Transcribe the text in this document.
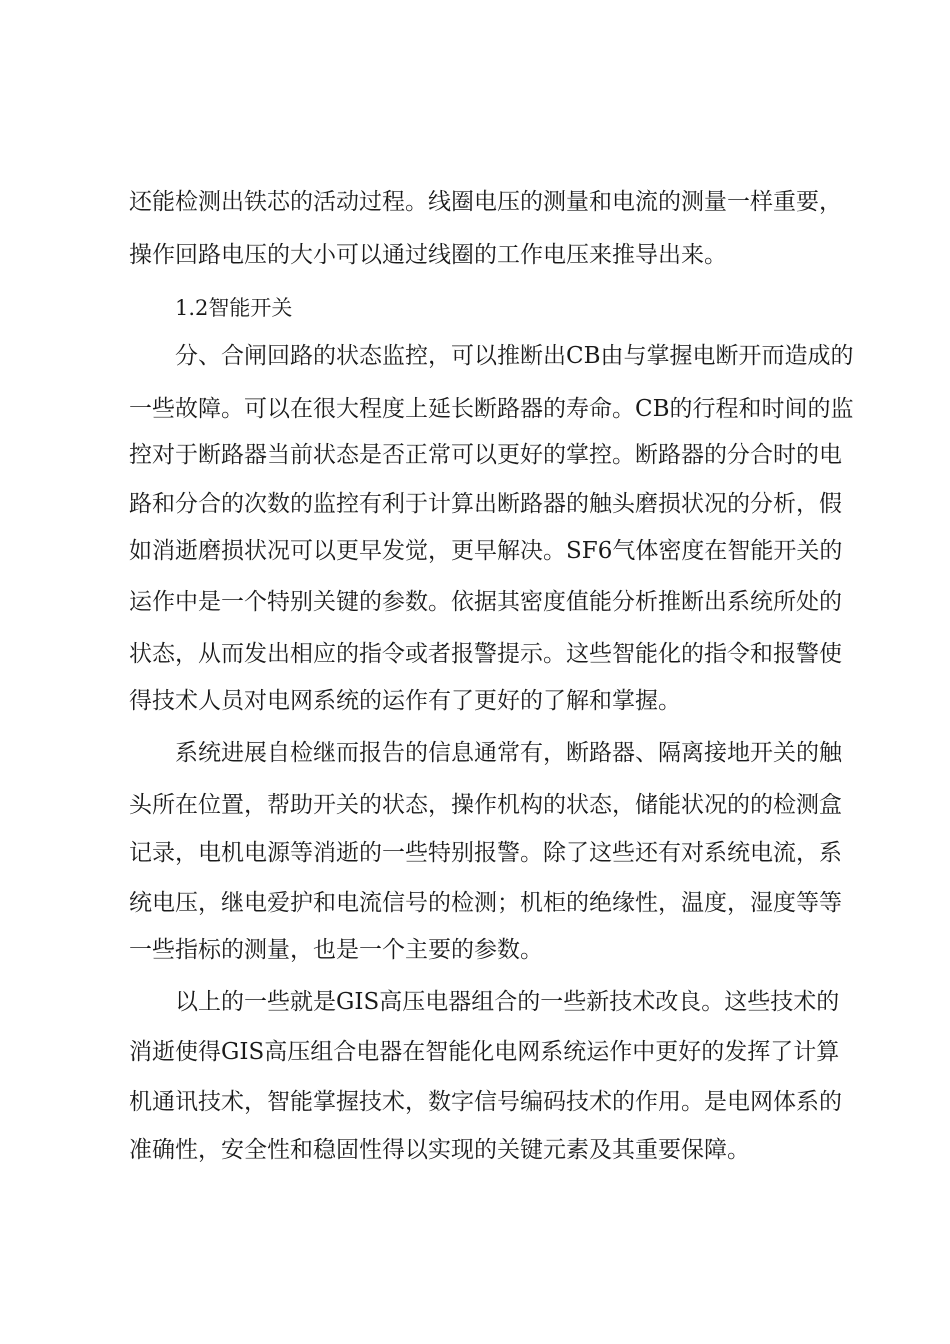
还能检测出铁芯的活动过程。线圈电压的测量和电流的测量一样重要，
操作回路电压的大小可以通过线圈的工作电压来推导出来。
1.2智能开关
分、合闸回路的状态监控，可以推断出CB由与掌握电断开而造成的
一些故障。可以在很大程度上延长断路器的寿命。CB的行程和时间的监
控对于断路器当前状态是否正常可以更好的掌控。断路器的分合时的电
路和分合的次数的监控有利于计算出断路器的触头磨损状况的分析，假
如消逝磨损状况可以更早发觉，更早解决。SF6气体密度在智能开关的
运作中是一个特别关键的参数。依据其密度值能分析推断出系统所处的
状态，从而发出相应的指令或者报警提示。这些智能化的指令和报警使
得技术人员对电网系统的运作有了更好的了解和掌握。
系统进展自检继而报告的信息通常有，断路器、隔离接地开关的触
头所在位置，帮助开关的状态，操作机构的状态，储能状况的的检测盒
记录，电机电源等消逝的一些特别报警。除了这些还有对系统电流，系
统电压，继电爱护和电流信号的检测；机柜的绝缘性，温度，湿度等等
一些指标的测量，也是一个主要的参数。
以上的一些就是GIS高压电器组合的一些新技术改良。这些技术的
消逝使得GIS高压组合电器在智能化电网系统运作中更好的发挥了计算
机通讯技术，智能掌握技术，数字信号编码技术的作用。是电网体系的
准确性，安全性和稳固性得以实现的关键元素及其重要保障。
